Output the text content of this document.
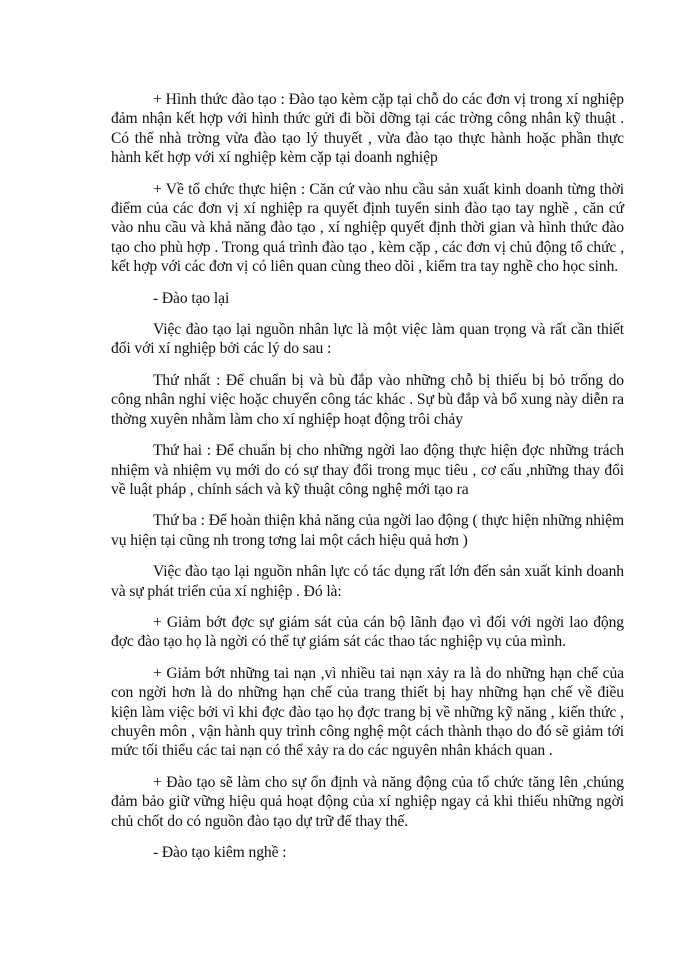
+ Hình thức đào tạo : Đào tạo kèm cặp tại chỗ do các đơn vị trong xí nghiệp đảm nhận kết hợp với hình thức gửi đi bồi dỡng tại các trờng công nhân kỹ thuật . Có thể nhà trờng vừa đào tạo lý thuyết , vừa đào tạo thực hành hoặc phần thực hành kết hợp với xí nghiệp kèm cặp tại doanh nghiệp

+ Về tổ chức thực hiện : Căn cứ vào nhu cầu sản xuất kinh doanh từng thời điểm của các đơn vị xí nghiệp ra quyết định tuyển sinh đào tạo tay nghề , căn cứ vào nhu cầu và khả năng đào tạo , xí nghiệp quyết định thời gian và hình thức đào tạo cho phù hợp . Trong quá trình đào tạo , kèm cặp , các đơn vị chủ động tổ chức , kết hợp với các đơn vị có liên quan cùng theo dõi , kiểm tra tay nghề cho học sinh.

- Đào tạo lại

Việc đào tạo lại nguồn nhân lực là một việc làm quan trọng và rất cần thiết đối với xí nghiệp bởi các lý do sau :

Thứ nhất : Để chuẩn bị và bù đắp vào những chỗ bị thiếu bị bỏ trống do công nhân nghỉ việc hoặc chuyển công tác khác . Sự bù đắp và bổ xung này diễn ra thờng xuyên nhằm làm cho xí nghiệp hoạt động trôi chảy

Thứ hai : Để chuẩn bị cho những ngời lao động thực hiện đợc những trách nhiệm và nhiệm vụ mới do có sự thay đổi trong mục tiêu , cơ cấu ,những thay đổi về luật pháp , chính sách và kỹ thuật công nghệ mới tạo ra

Thứ ba : Để hoàn thiện khả năng của ngời lao động ( thực hiện những nhiệm vụ hiện tại cũng nh trong tơng lai một cách hiệu quả hơn )

Việc đào tạo lại nguồn nhân lực có tác dụng rất lớn đến sản xuất kinh doanh và sự phát triển của xí nghiệp . Đó là:

+ Giảm bớt đợc sự giám sát của cán bộ lãnh đạo vì đối với ngời lao động đợc đào tạo họ là ngời có thể tự giám sát các thao tác nghiệp vụ của mình.

+ Giảm bớt những tai nạn ,vì nhiều tai nạn xảy ra là do những hạn chế của con ngời hơn là do những hạn chế của trang thiết bị hay những hạn chế về điều kiện làm việc bởi vì khi đợc đào tạo họ đợc trang bị về những kỹ năng , kiến thức , chuyên môn , vận hành quy trình công nghệ một cách thành thạo do đó sẽ giảm tới mức tối thiểu các tai nạn có thể xảy ra do các nguyên nhân khách quan .

+ Đào tạo sẽ làm cho sự ổn định và năng động của tổ chức tăng lên ,chúng đảm bảo giữ vững hiệu quả hoạt động của xí nghiệp ngay cả khi thiếu những ngời chủ chốt do có nguồn đào tạo dự trữ để thay thế.

- Đào tạo kiêm nghề :
